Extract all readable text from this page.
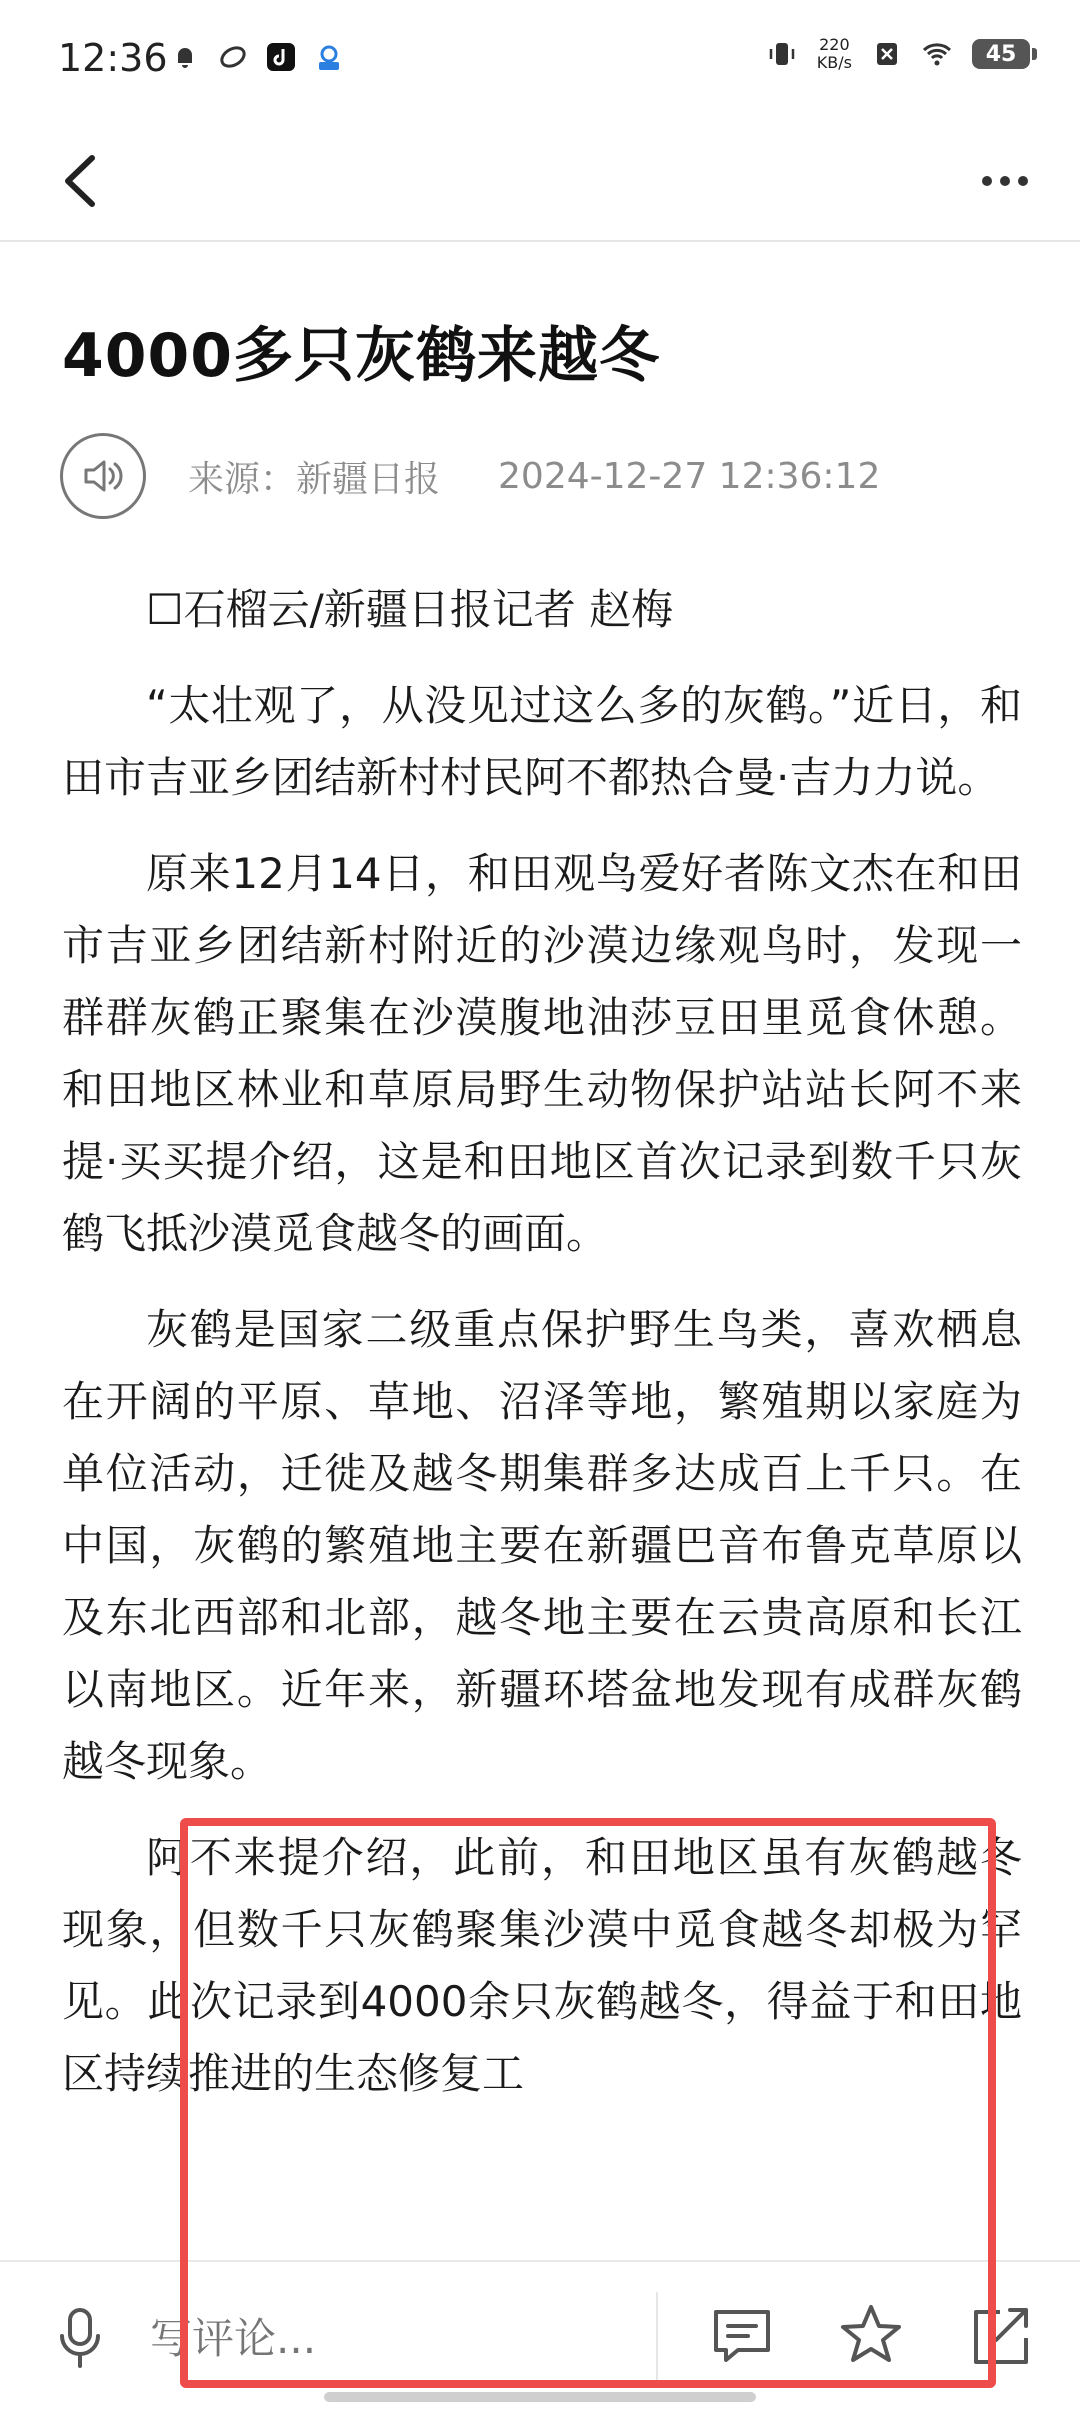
12:36	220
KB/s	45
4000多只灰鹤来越冬
来源：新疆日报 2024-12-27 12:36:12

☐石榴云/新疆日报记者 赵梅

“太壮观了，从没见过这么多的灰鹤。”近日，和田市吉亚乡团结新村村民阿不都热合曼·吉力力说。

原来12月14日，和田观鸟爱好者陈文杰在和田市吉亚乡团结新村附近的沙漠边缘观鸟时，发现一群群灰鹤正聚集在沙漠腹地油莎豆田里觅食休憩。和田地区林业和草原局野生动物保护站站长阿不来提·买买提介绍，这是和田地区首次记录到数千只灰鹤飞抵沙漠觅食越冬的画面。

灰鹤是国家二级重点保护野生鸟类，喜欢栖息在开阔的平原、草地、沼泽等地，繁殖期以家庭为单位活动，迁徙及越冬期集群多达成百上千只。在中国，灰鹤的繁殖地主要在新疆巴音布鲁克草原以及东北西部和北部，越冬地主要在云贵高原和长江以南地区。近年来，新疆环塔盆地发现有成群灰鹤越冬现象。

阿不来提介绍，此前，和田地区虽有灰鹤越冬现象，但数千只灰鹤聚集沙漠中觅食越冬却极为罕见。此次记录到4000余只灰鹤越冬，得益于和田地区持续推进的生态修复工

写评论...
